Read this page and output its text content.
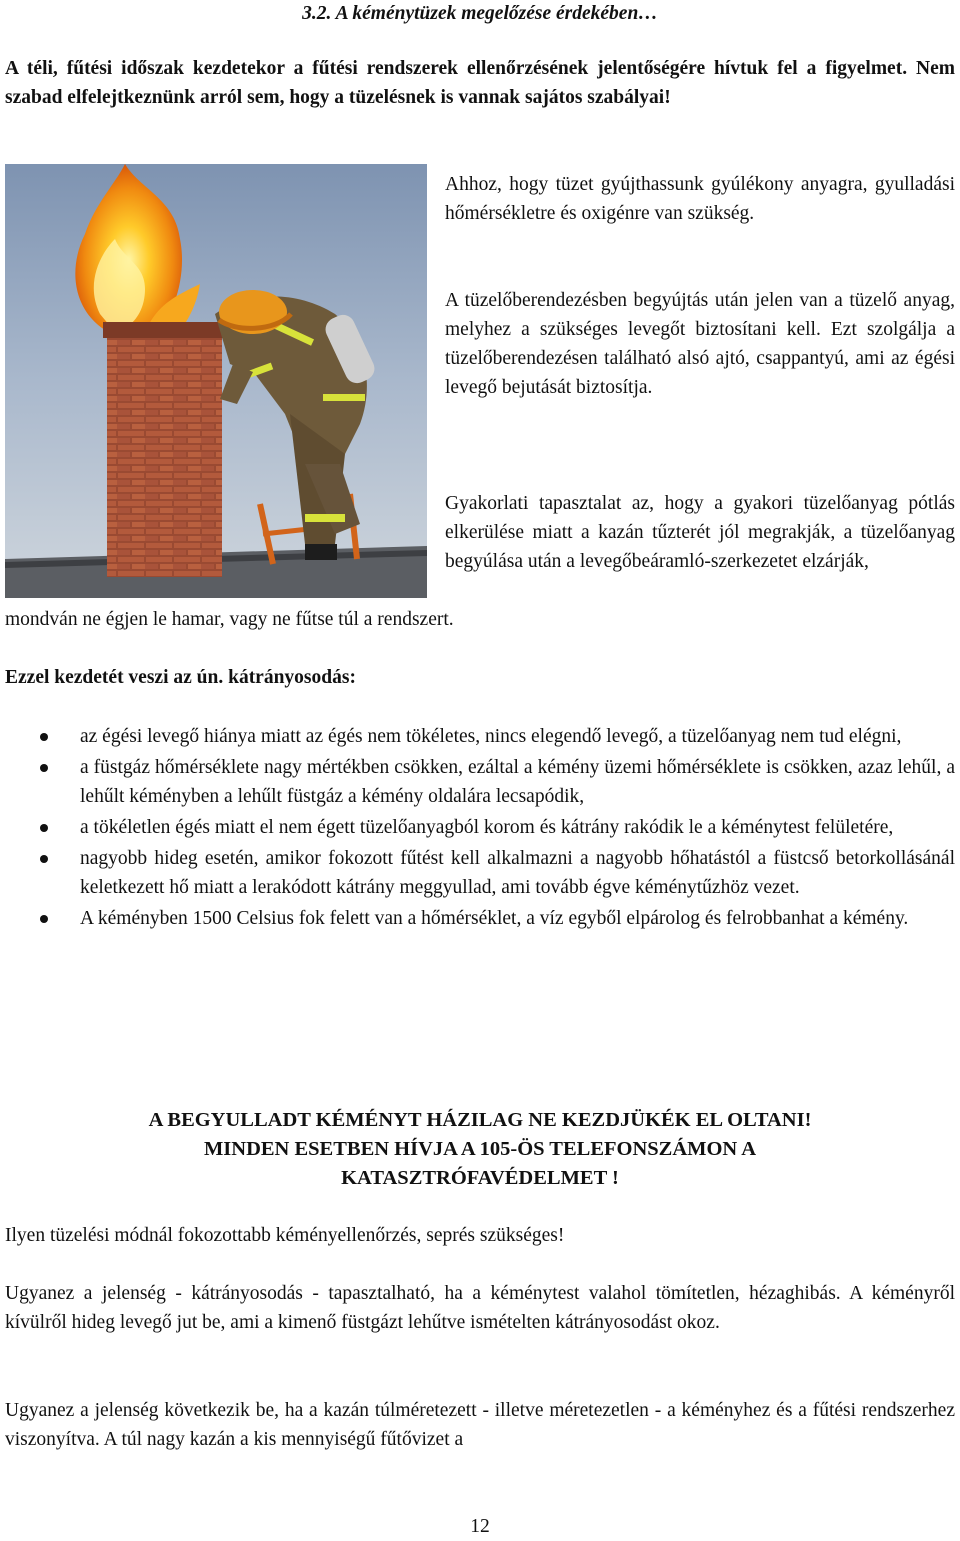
3.2. A kéménytüzek megelőzése érdekében…
A téli, fűtési időszak kezdetekor a fűtési rendszerek ellenőrzésének jelentőségére hívtuk fel a figyelmet. Nem szabad elfelejtkeznünk arról sem, hogy a tüzelésnek is vannak sajátos szabályai!
Ahhoz, hogy tüzet gyújthassunk gyúlékony anyagra, gyulladási hőmérsékletre és oxigénre van szükség.
A tüzelőberendezésben begyújtás után jelen van a tüzelő anyag, melyhez a szükséges levegőt biztosítani kell. Ezt szolgálja a tüzelőberendezésen található alsó ajtó, csappantyú, ami az égési levegő bejutását biztosítja.
Gyakorlati tapasztalat az, hogy a gyakori tüzelőanyag pótlás elkerülése miatt a kazán tűzterét jól megrakják, a tüzelőanyag begyúlása után a levegőbeáramló-szerkezetet elzárják,
mondván ne égjen le hamar, vagy ne fűtse túl a rendszert.
Ezzel kezdetét veszi az ún. kátrányosodás:
az égési levegő hiánya miatt az égés nem tökéletes, nincs elegendő levegő, a tüzelőanyag nem tud elégni,
a füstgáz hőmérséklete nagy mértékben csökken, ezáltal a kémény üzemi hőmérséklete is csökken, azaz lehűl, a lehűlt kéményben a lehűlt füstgáz a kémény oldalára lecsapódik,
a tökéletlen égés miatt el nem égett tüzelőanyagból korom és kátrány rakódik le a kéménytest felületére,
nagyobb hideg esetén, amikor fokozott fűtést kell alkalmazni a nagyobb hőhatástól a füstcső betorkollásánál keletkezett hő miatt a lerakódott kátrány meggyullad, ami tovább égve kéménytűzhöz vezet.
A kéményben 1500 Celsius fok felett van a hőmérséklet, a víz egyből elpárolog és felrobbanhat a kémény.
A BEGYULLADT KÉMÉNYT HÁZILAG NE KEZDJÜKÉK EL OLTANI!
MINDEN ESETBEN HÍVJA A 105-ÖS TELEFONSZÁMON A
KATASZTRÓFAVÉDELMET !
Ilyen tüzelési módnál fokozottabb kéményellenőrzés, seprés szükséges!
Ugyanez a jelenség - kátrányosodás - tapasztalható, ha a kéménytest valahol tömítetlen, hézaghibás. A kéményről kívülről hideg levegő jut be, ami a kimenő füstgázt lehűtve ismételten kátrányosodást okoz.
Ugyanez a jelenség következik be, ha a kazán túlméretezett - illetve méretezetlen - a kéményhez és a fűtési rendszerhez viszonyítva. A túl nagy kazán a kis mennyiségű fűtővizet a
12
